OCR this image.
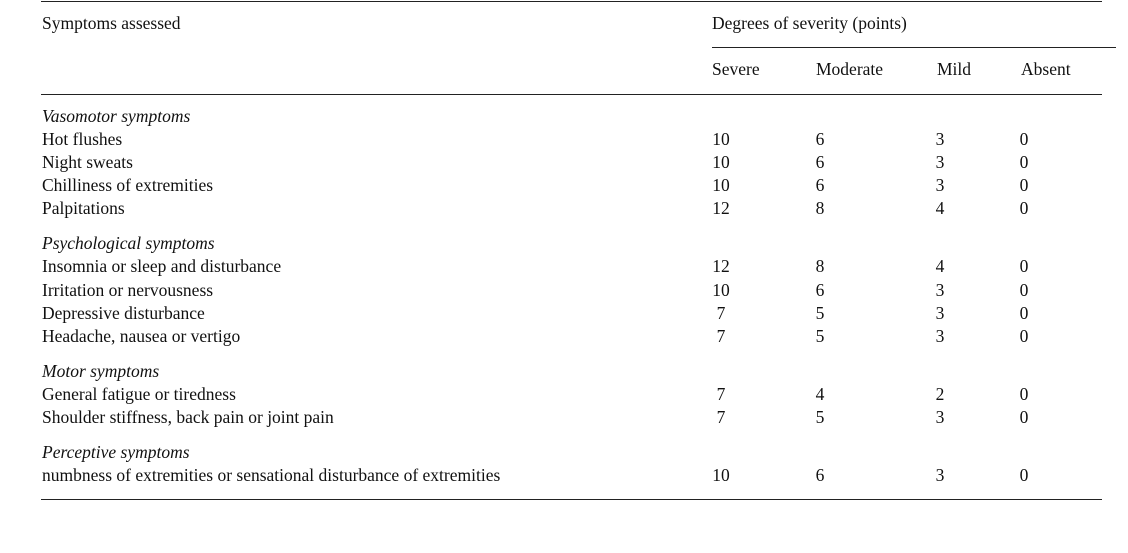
Symptoms assessed	Degrees of severity (points)
Severe	Moderate	Mild	Absent
Vasomotor symptoms
Hot flushes	10	6	3	0
Night sweats	10	6	3	0
Chilliness of extremities	10	6	3	0
Palpitations	12	8	4	0
Psychological symptoms
Insomnia or sleep and disturbance	12	8	4	0
Irritation or nervousness	10	6	3	0
Depressive disturbance	7	5	3	0
Headache, nausea or vertigo	7	5	3	0
Motor symptoms
General fatigue or tiredness	7	4	2	0
Shoulder stiffness, back pain or joint pain	7	5	3	0
Perceptive symptoms
numbness of extremities or sensational disturbance of extremities	10	6	3	0
